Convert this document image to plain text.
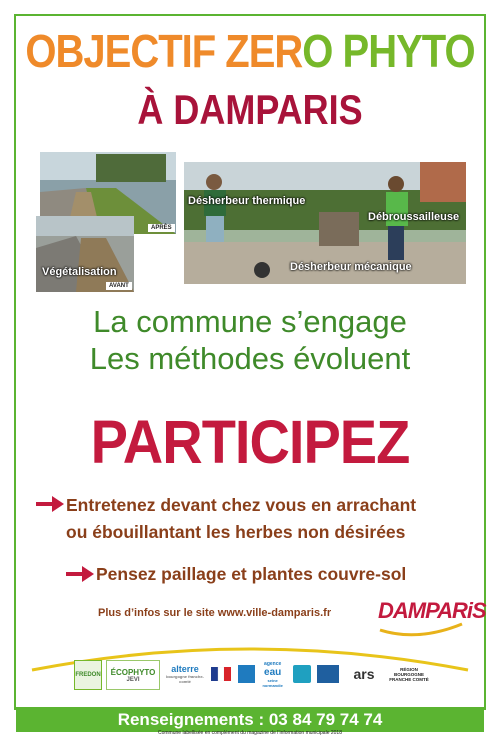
OBJECTIF ZERO PHYTO
À DAMPARIS
APRÈS
AVANT
Végétalisation
Désherbeur thermique
Débroussailleuse
Désherbeur mécanique
La commune s’engage
Les méthodes évoluent
PARTICIPEZ
Entretenez devant chez vous en arrachant
ou ébouillantant les herbes non désirées
Pensez paillage et plantes couvre-sol
Plus d’infos sur le site www.ville-damparis.fr DAMPARiS
FREDON ÉCOPHYTO
JEVI
alterre
bourgogne franche-comté
agence
eau
seine normandie
ars	RÉGION BOURGOGNE FRANCHE COMTÉ
Renseignements : 03 84 79 74 74
Commune labellisée en complément du magazine de l’information municipale 2018
